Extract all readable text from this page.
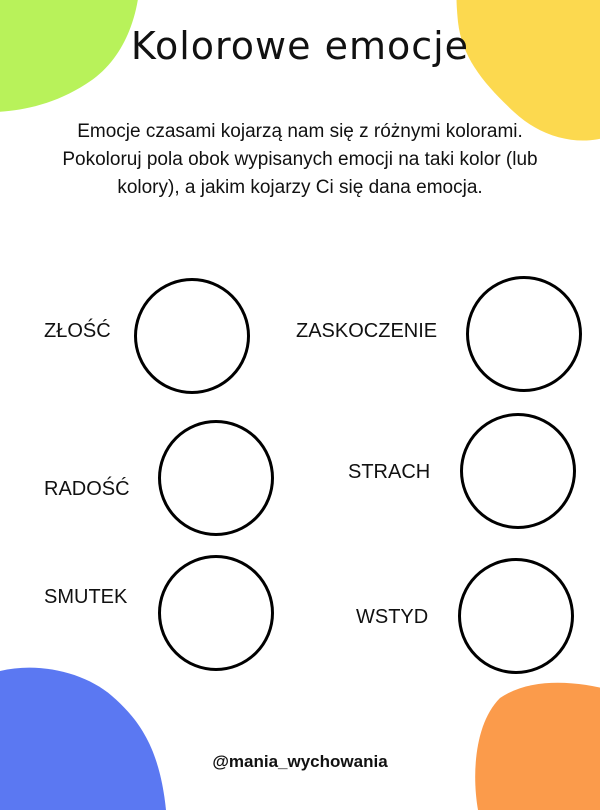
Kolorowe emocje
Emocje czasami kojarzą nam się z różnymi kolorami. Pokoloruj pola obok wypisanych emocji na taki kolor (lub kolory), a jakim kojarzy Ci się dana emocja.
ZŁOŚĆ	ZASKOCZENIE
RADOŚĆ
STRACH
SMUTEK
WSTYD
@mania_wychowania
